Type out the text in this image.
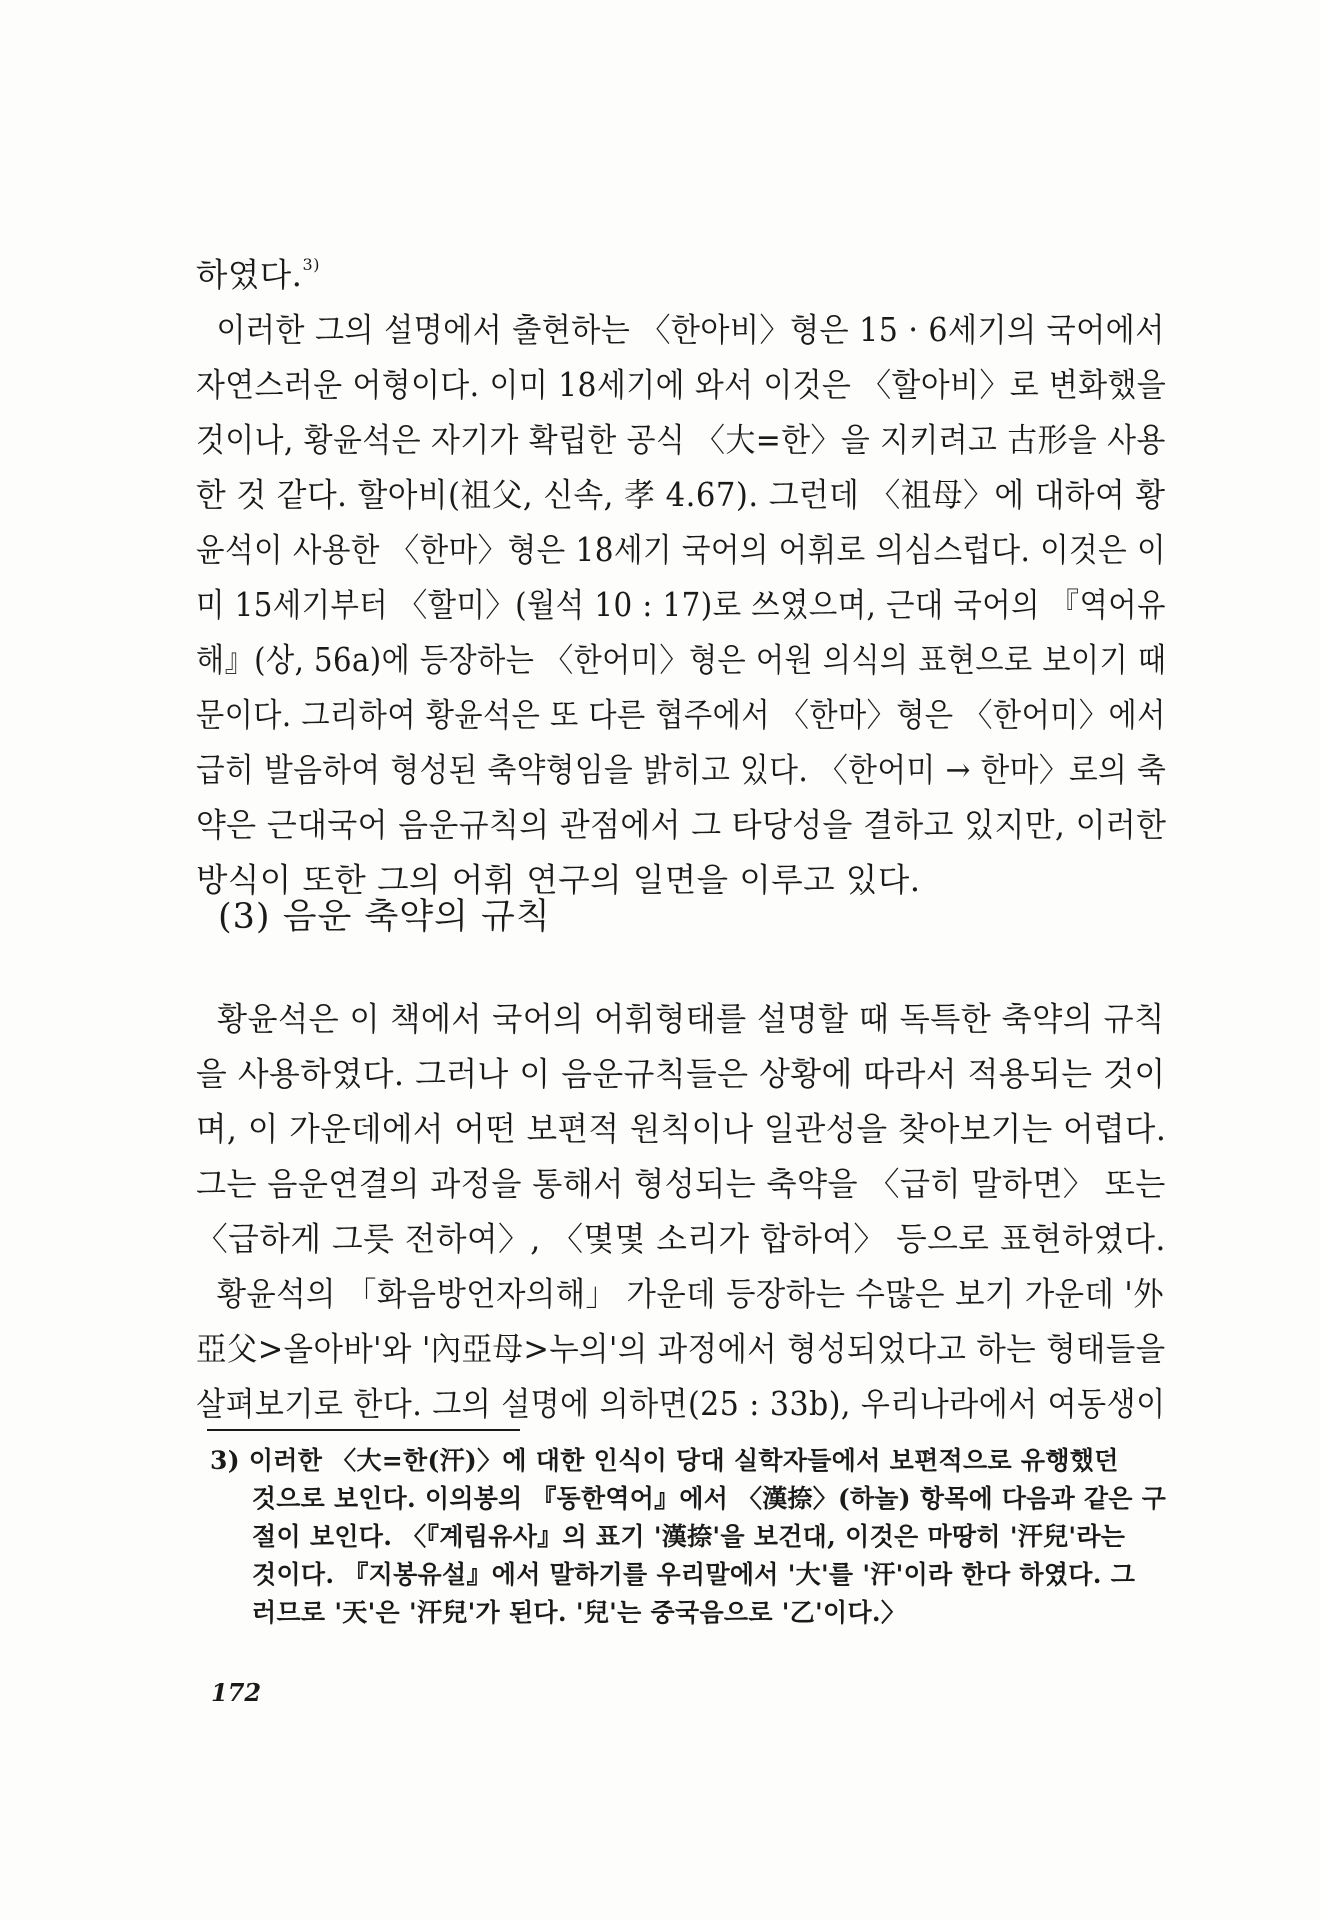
하였다.$^{3)}$
이러한 그의 설명에서 출현하는 〈한아비〉형은 15 · 6세기의 국어에서
자연스러운 어형이다. 이미 18세기에 와서 이것은 〈할아비〉로 변화했을
것이나, 황윤석은 자기가 확립한 공식 〈大=한〉을 지키려고 古形을 사용
한 것 같다. 할아비(祖父, 신속, 孝 4.67). 그런데 〈祖母〉에 대하여 황
윤석이 사용한 〈한마〉형은 18세기 국어의 어휘로 의심스럽다. 이것은 이
미 15세기부터 〈할미〉(월석 10 : 17)로 쓰였으며, 근대 국어의 『역어유
해』(상, 56a)에 등장하는 〈한어미〉형은 어원 의식의 표현으로 보이기 때
문이다. 그리하여 황윤석은 또 다른 협주에서 〈한마〉형은 〈한어미〉에서
급히 발음하여 형성된 축약형임을 밝히고 있다. 〈한어미 → 한마〉로의 축
약은 근대국어 음운규칙의 관점에서 그 타당성을 결하고 있지만, 이러한
방식이 또한 그의 어휘 연구의 일면을 이루고 있다.
(3) 음운 축약의 규칙
황윤석은 이 책에서 국어의 어휘형태를 설명할 때 독특한 축약의 규칙
을 사용하였다. 그러나 이 음운규칙들은 상황에 따라서 적용되는 것이
며, 이 가운데에서 어떤 보편적 원칙이나 일관성을 찾아보기는 어렵다.
그는 음운연결의 과정을 통해서 형성되는 축약을 〈급히 말하면〉 또는
〈급하게 그릇 전하여〉, 〈몇몇 소리가 합하여〉 등으로 표현하였다.
황윤석의 「화음방언자의해」 가운데 등장하는 수많은 보기 가운데 '外
亞父>올아바'와 '內亞母>누의'의 과정에서 형성되었다고 하는 형태들을
살펴보기로 한다. 그의 설명에 의하면(25 : 33b), 우리나라에서 여동생이
3) 이러한 〈大=한(汗)〉에 대한 인식이 당대 실학자들에서 보편적으로 유행했던
것으로 보인다. 이의봉의 『동한역어』에서 〈漢捺〉(하놀) 항목에 다음과 같은 구
절이 보인다. 〈『계림유사』의 표기 '漢捺'을 보건대, 이것은 마땅히 '汗兒'라는
것이다. 『지봉유설』에서 말하기를 우리말에서 '大'를 '汗'이라 한다 하였다. 그
러므로 '天'은 '汗兒'가 된다. '兒'는 중국음으로 '乙'이다.〉
172
